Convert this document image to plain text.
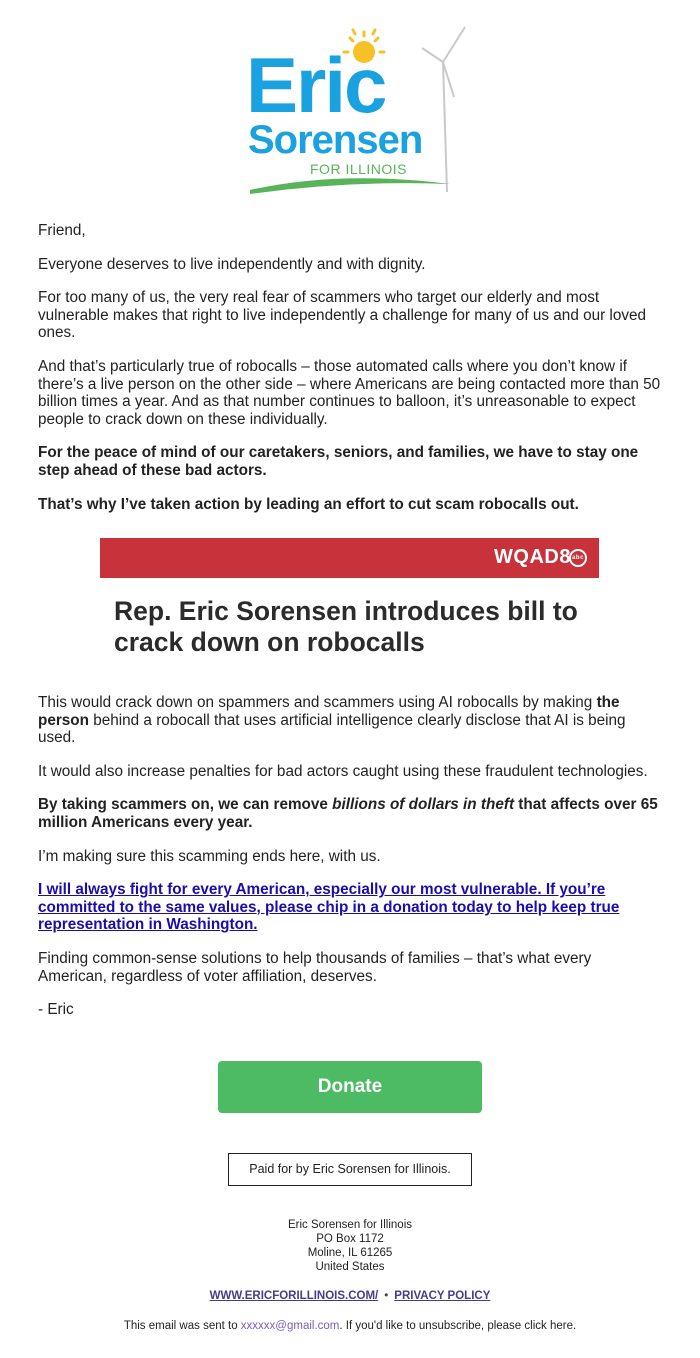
Eric
Sorensen
FOR ILLINOIS

Friend,

Everyone deserves to live independently and with dignity.

For too many of us, the very real fear of scammers who target our elderly and most vulnerable makes that right to live independently a challenge for many of us and our loved ones.

And that’s particularly true of robocalls – those automated calls where you don’t know if there’s a live person on the other side – where Americans are being contacted more than 50 billion times a year. And as that number continues to balloon, it’s unreasonable to expect people to crack down on these individually.

For the peace of mind of our caretakers, seniors, and families, we have to stay one step ahead of these bad actors.

That’s why I’ve taken action by leading an effort to cut scam robocalls out.

WQAD8abc
Rep. Eric Sorensen introduces bill to crack down on robocalls

This would crack down on spammers and scammers using AI robocalls by making the person behind a robocall that uses artificial intelligence clearly disclose that AI is being used.

It would also increase penalties for bad actors caught using these fraudulent technologies.

By taking scammers on, we can remove billions of dollars in theft that affects over 65 million Americans every year.

I’m making sure this scamming ends here, with us.

I will always fight for every American, especially our most vulnerable. If you’re committed to the same values, please chip in a donation today to help keep true representation in Washington.

Finding common-sense solutions to help thousands of families – that’s what every American, regardless of voter affiliation, deserves.

- Eric

Donate
Paid for by Eric Sorensen for Illinois.
Eric Sorensen for Illinois
PO Box 1172
Moline, IL 61265
United States
WWW.ERICFORILLINOIS.COM/ • PRIVACY POLICY
This email was sent to xxxxxx@gmail.com. If you'd like to unsubscribe, please click here.
